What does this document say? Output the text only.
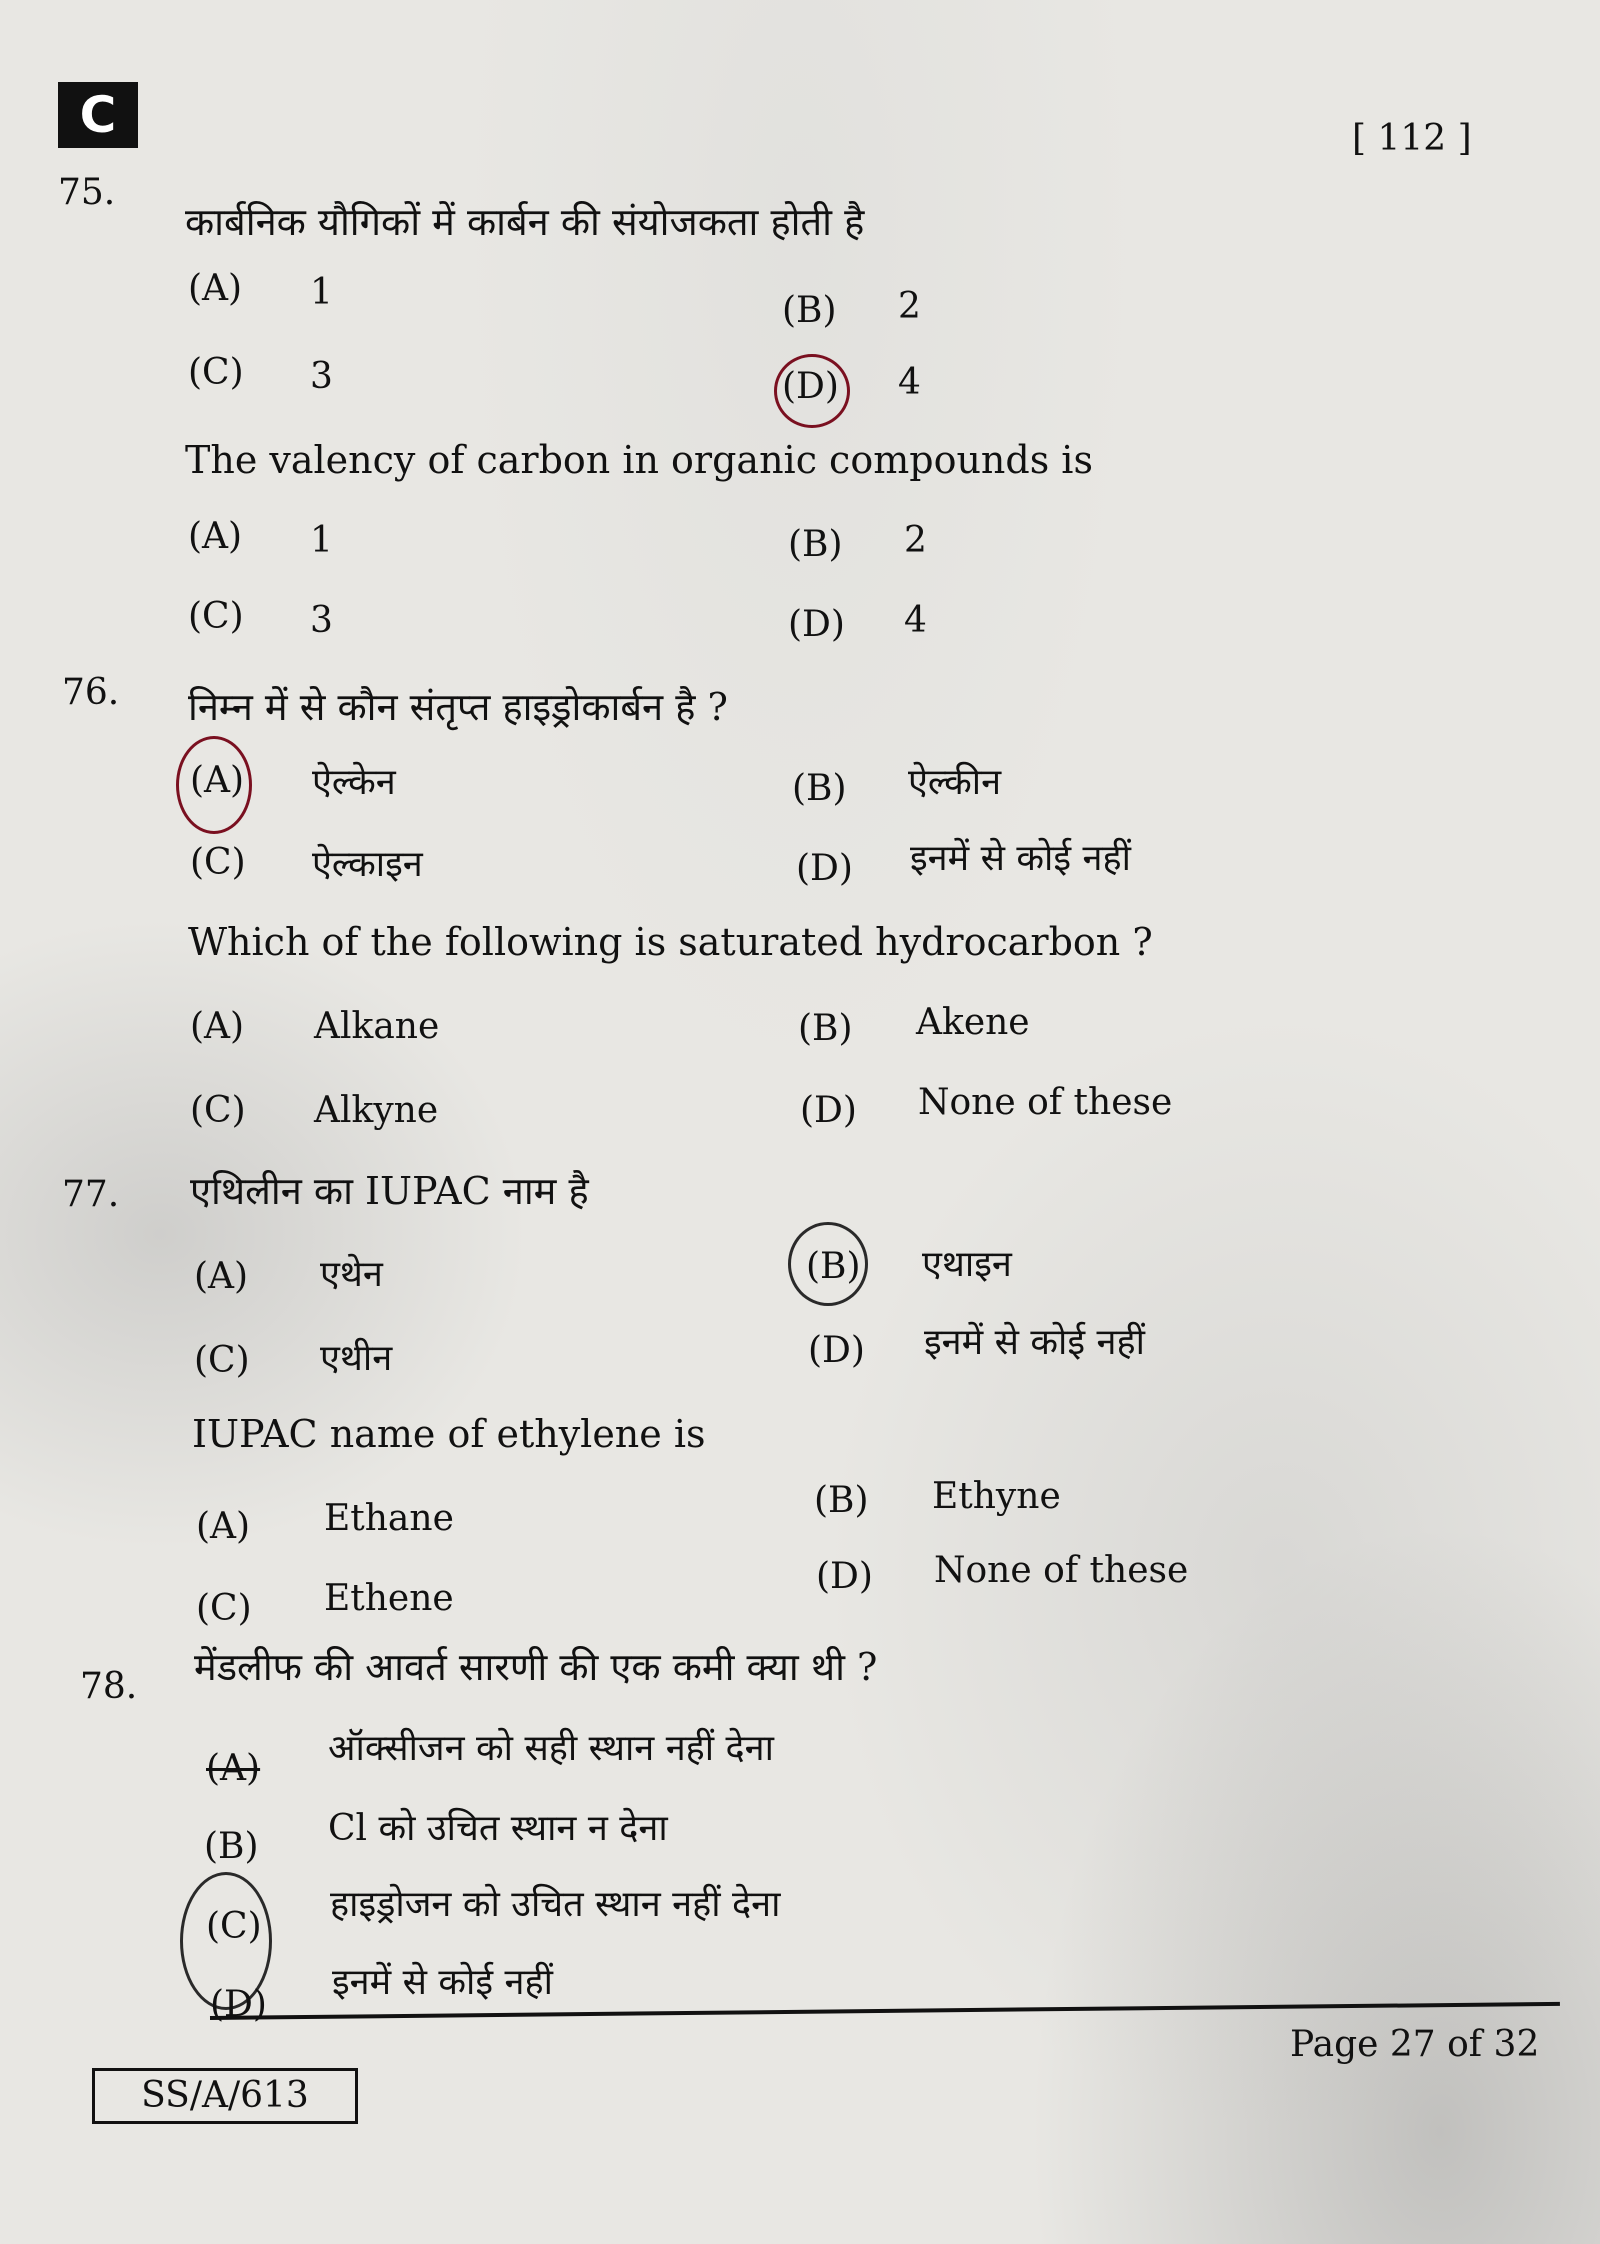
C	[ 112 ]
75.
कार्बनिक यौगिकों में कार्बन की संयोजकता होती है
(A) 1	(B) 2
(C) 3	(D) 4
The valency of carbon in organic compounds is
(A) 1	(B) 2
(C) 3	(D) 4
76. निम्न में से कौन संतृप्त हाइड्रोकार्बन है ?
(A) ऐल्केन	(B) ऐल्कीन
(C) ऐल्काइन	(D) इनमें से कोई नहीं
Which of the following is saturated hydrocarbon ?
(A) Alkane	(B) Akene
(C) Alkyne	(D) None of these
77. एथिलीन का IUPAC नाम है
(A) एथेन	(B) एथाइन
(C) एथीन	(D) इनमें से कोई नहीं
IUPAC name of ethylene is
(A) Ethane	(B) Ethyne
(C) Ethene
(D) None of these
78. मेंडलीफ की आवर्त सारणी की एक कमी क्या थी ?
(A) ऑक्सीजन को सही स्थान नहीं देना
(B) Cl को उचित स्थान न देना
(C)
हाइड्रोजन को उचित स्थान नहीं देना
(D)
इनमें से कोई नहीं
Page 27 of 32
SS/A/613
